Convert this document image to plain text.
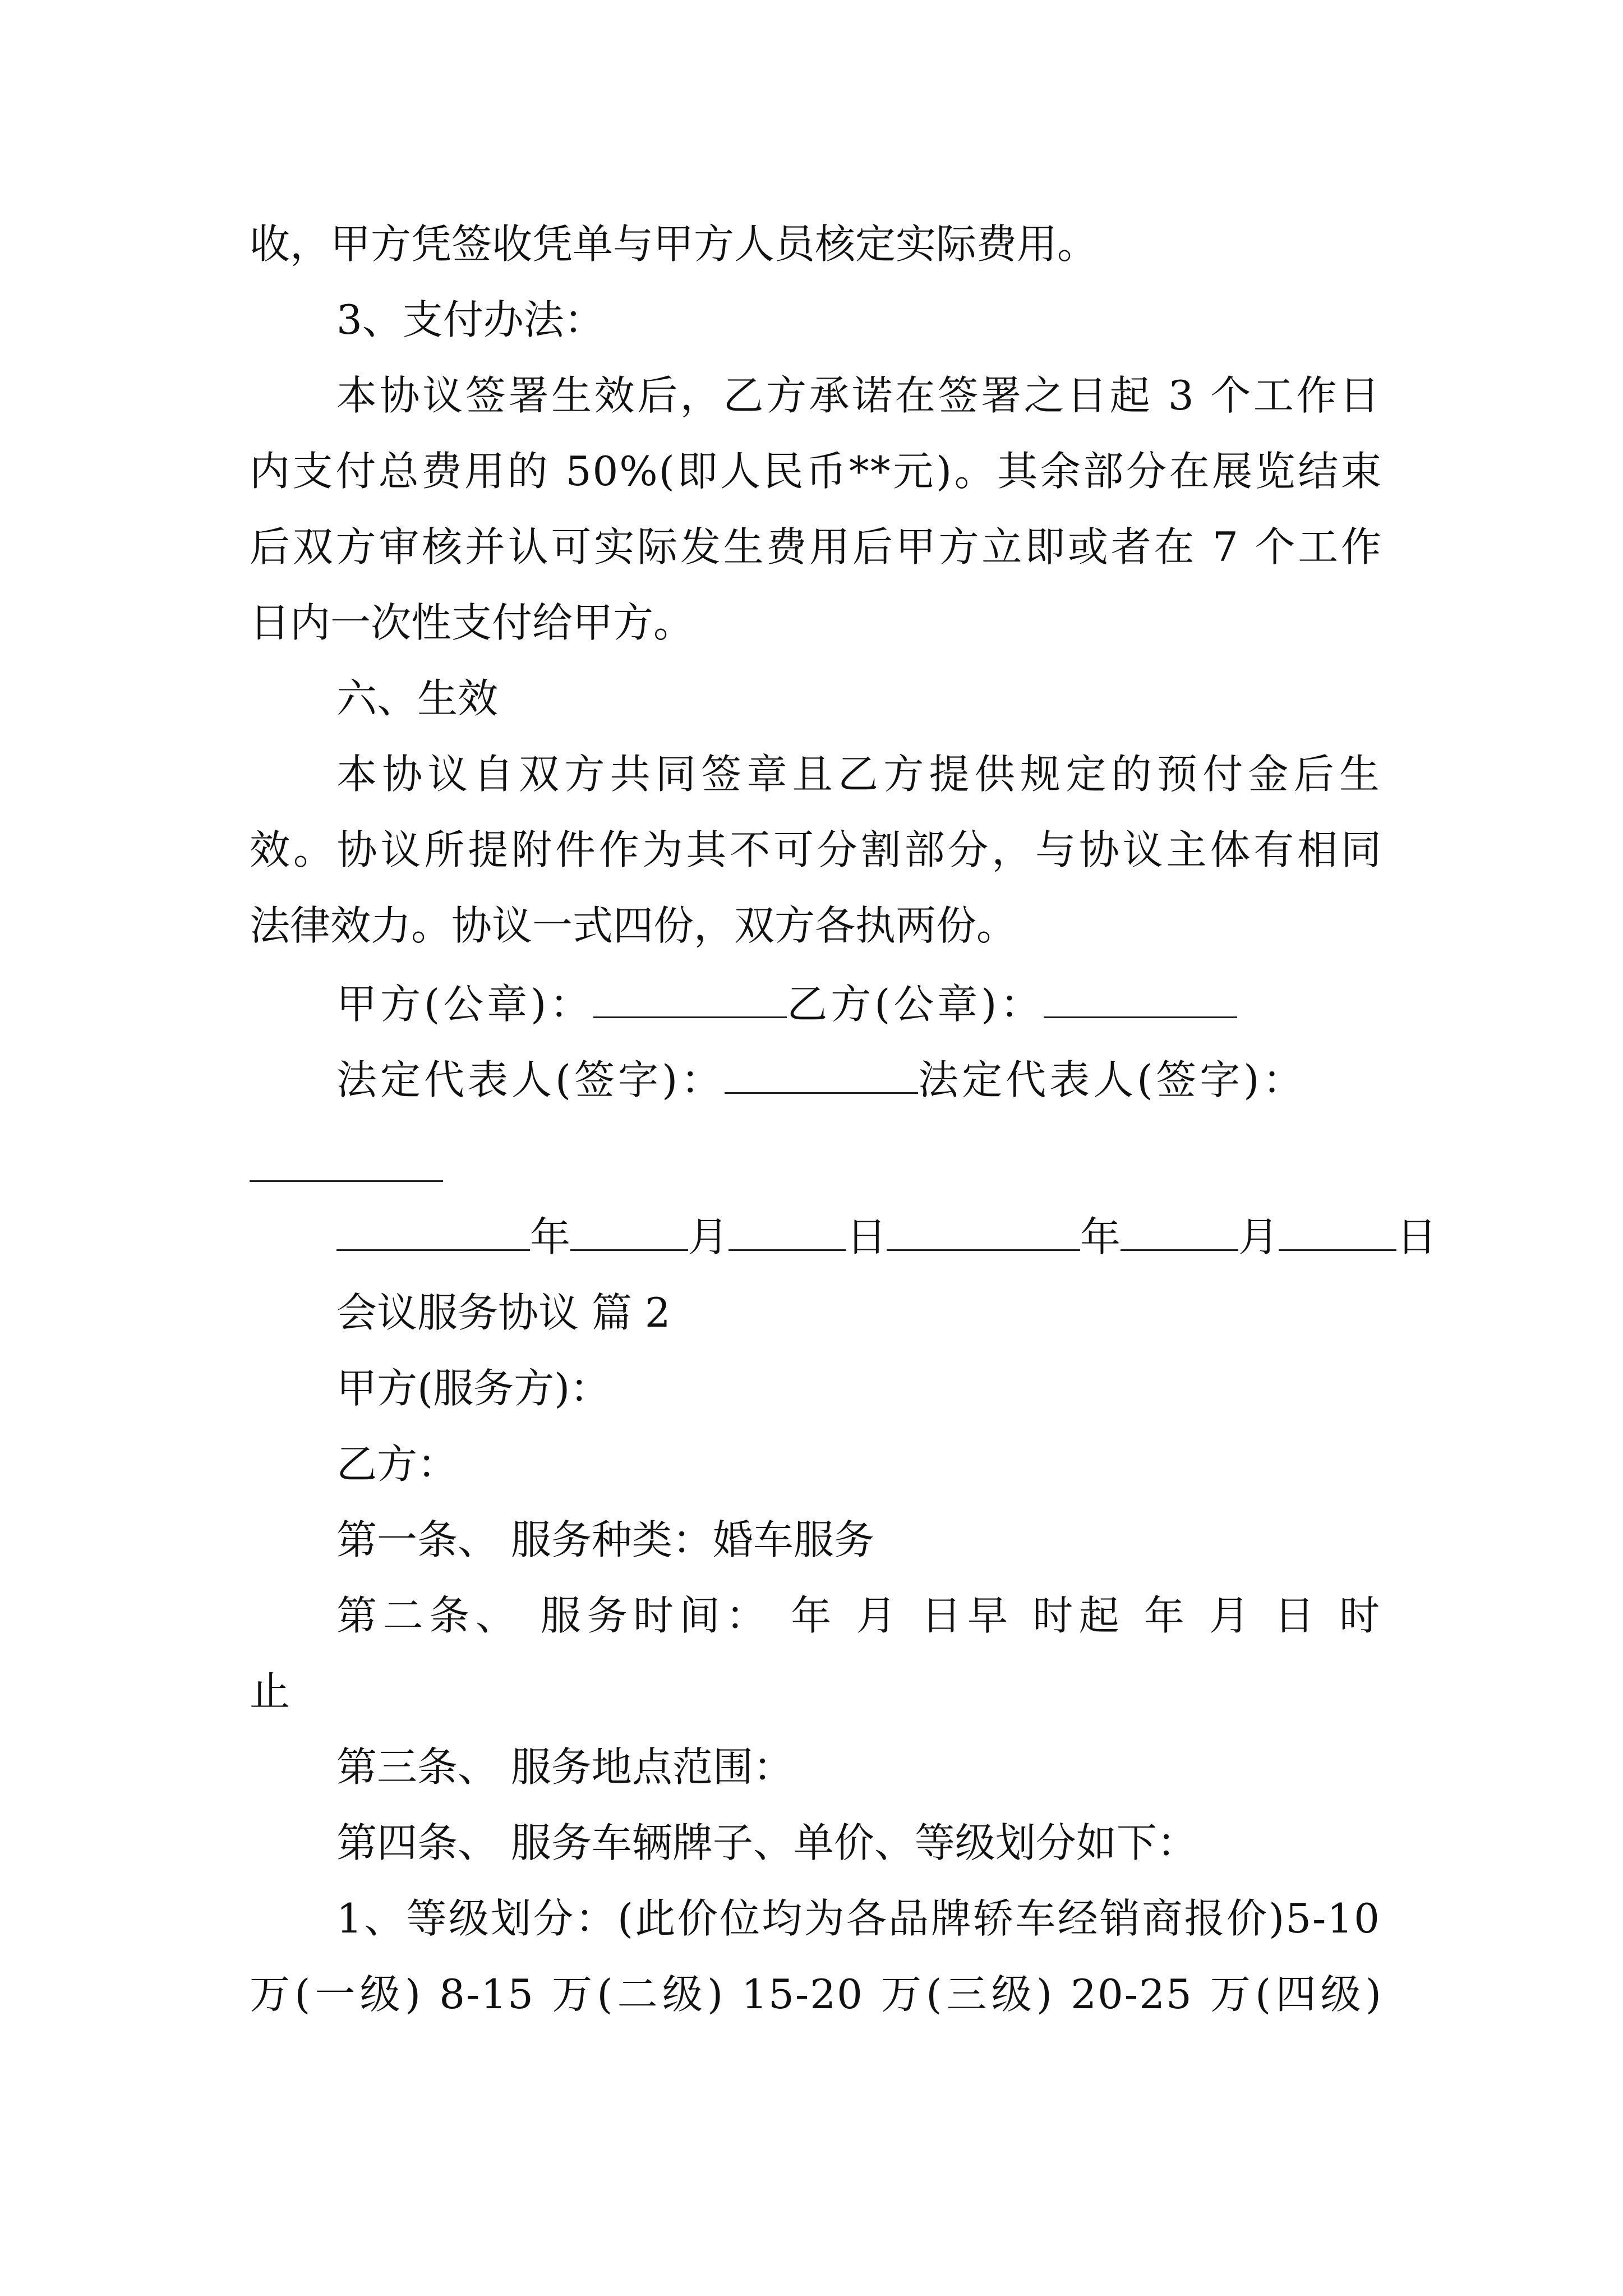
收，甲方凭签收凭单与甲方人员核定实际费用。
3、支付办法：
本协议签署生效后，乙方承诺在签署之日起 3 个工作日
内支付总费用的 50%(即人民币**元)。其余部分在展览结束
后双方审核并认可实际发生费用后甲方立即或者在 7 个工作
日内一次性支付给甲方。
六、生效
本协议自双方共同签章且乙方提供规定的预付金后生
效。协议所提附件作为其不可分割部分，与协议主体有相同
法律效力。协议一式四份，双方各执两份。
甲方(公章)：	乙方(公章)：
法定代表人(签字)：	法定代表人(签字)：
年	月	日	年	月	日
会议服务协议 篇 2
甲方(服务方)：
乙方：
第一条、 服务种类：婚车服务
第二条、 服务时间： 年 月 日早 时起 年 月 日 时
止
第三条、 服务地点范围：
第四条、 服务车辆牌子、单价、等级划分如下：
1、等级划分：(此价位均为各品牌轿车经销商报价)5-10
万(一级) 8-15 万(二级) 15-20 万(三级) 20-25 万(四级)
